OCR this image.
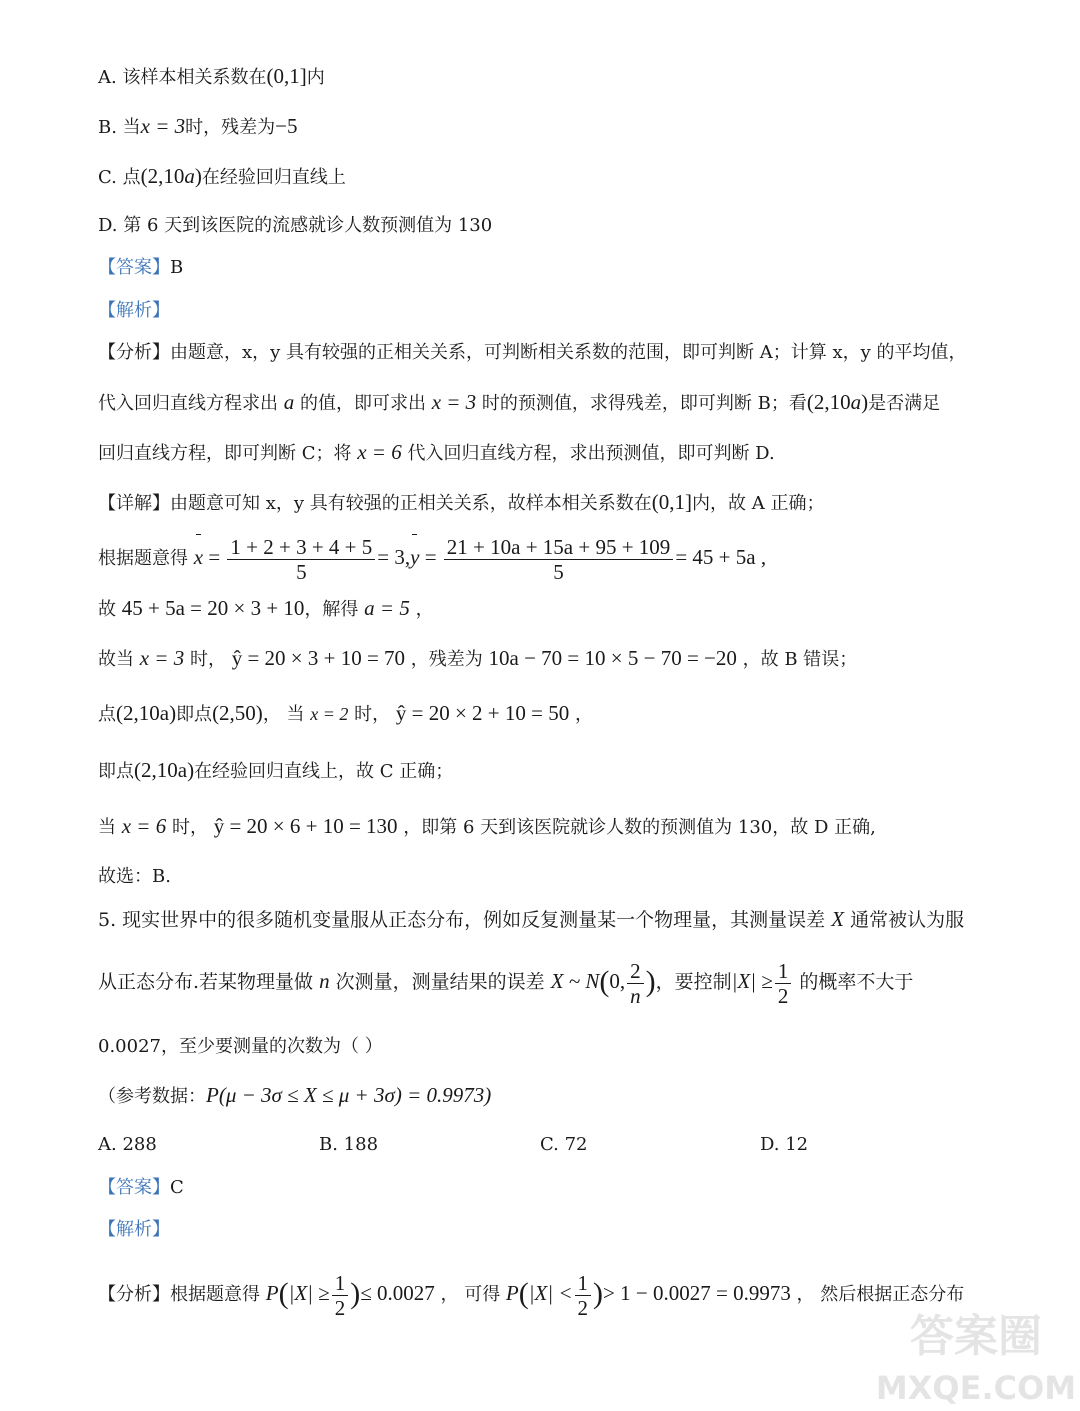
A. 该样本相关系数在(0,1]内
B. 当x = 3时，残差为−5
C. 点(2,10a)在经验回归直线上
D. 第 6 天到该医院的流感就诊人数预测值为 130
【答案】B
【解析】
【分析】由题意，x，y 具有较强的正相关关系，可判断相关系数的范围，即可判断 A；计算 x，y 的平均值，
代入回归直线方程求出 a 的值，即可求出 x = 3 时的预测值，求得残差，即可判断 B；看(2,10a)是否满足
回归直线方程，即可判断 C；将 x = 6 代入回归直线方程，求出预测值，即可判断 D.
【详解】由题意可知 x，y 具有较强的正相关关系，故样本相关系数在(0,1]内，故 A 正确；
根据题意得 $x = \frac{1 + 2 + 3 + 4 + 5}{5} = 3,y = \frac{21 + 10a + 15a + 95 + 109}{5} = 45 + 5a$ ,
故 45 + 5a = 20 × 3 + 10，解得 a = 5 ，
故当 x = 3 时， ŷ = 20 × 3 + 10 = 70 ，残差为 10a − 70 = 10 × 5 − 70 = −20 ，故 B 错误；
点(2,10a)即点(2,50)， 当 x = 2 时， ŷ = 20 × 2 + 10 = 50 ，
即点(2,10a)在经验回归直线上，故 C 正确；
当 x = 6 时， ŷ = 20 × 6 + 10 = 130 ，即第 6 天到该医院就诊人数的预测值为 130，故 D 正确,
故选：B.
5. 现实世界中的很多随机变量服从正态分布，例如反复测量某一个物理量，其测量误差 X 通常被认为服
从正态分布.若某物理量做 n 次测量，测量结果的误差 X ~ N(0, $\frac{2}{n}$ )，要控制$|X| \ge \frac{1}{2}$ 的概率不大于
0.0027，至少要测量的次数为（ ）
（参考数据：P(μ − 3σ ≤ X ≤ μ + 3σ) = 0.9973)
A. 288	B. 188	C. 72	D. 12
【答案】C
【解析】
【分析】根据题意得 $P(|X| \ge \frac{1}{2}$ )≤ 0.0027 ， 可得 $P(|X| < \frac{1}{2}$ )> 1 − 0.0027 = 0.9973 ， 然后根据正态分布
答案圈
MXQE.COM
